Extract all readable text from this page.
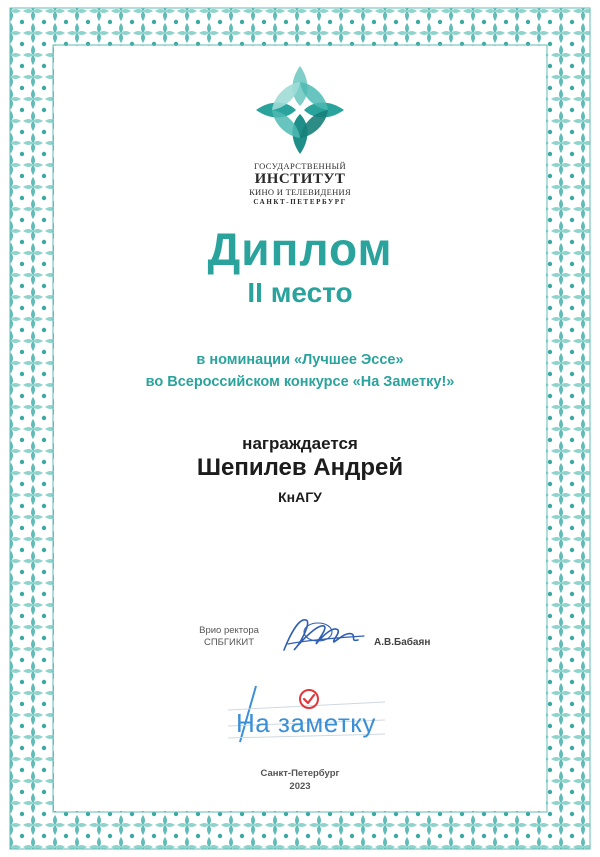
ГОСУДАРСТВЕННЫЙ
ИНСТИТУТ
КИНО И ТЕЛЕВИДЕНИЯ
САНКТ-ПЕТЕРБУРГ
Диплом
II место
в номинации «Лучшее Эссе»
во Всероссийском конкурсе «На Заметку!»
награждается
Шепилев Андрей
КнАГУ
Врио ректора
СПБГИКИТ	А.В.Бабаян
На заметку
Санкт-Петербург
2023
